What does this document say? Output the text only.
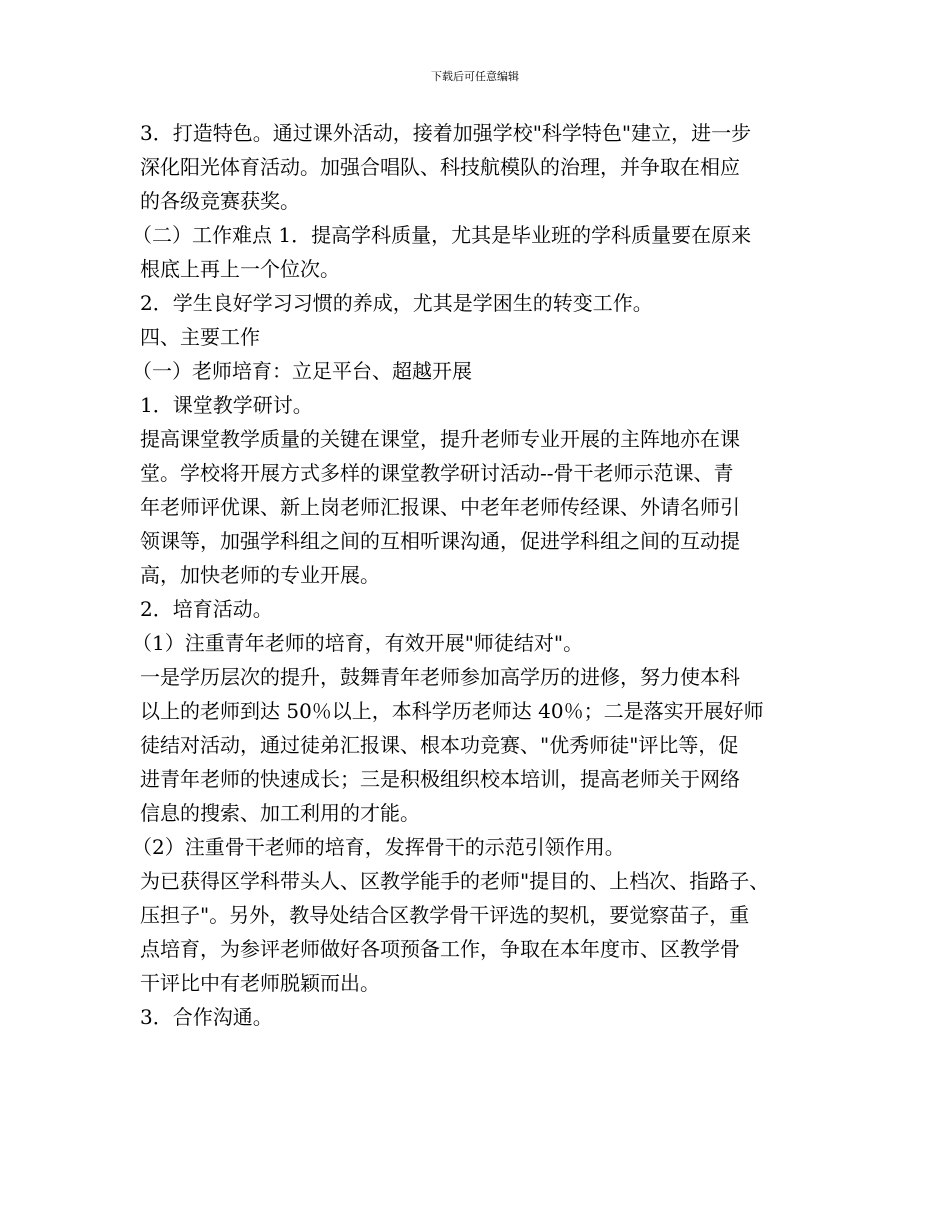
下载后可任意编辑
3．打造特色。通过课外活动，接着加强学校"科学特色"建立，进一步
深化阳光体育活动。加强合唱队、科技航模队的治理，并争取在相应
的各级竞赛获奖。
（二）工作难点 1．提高学科质量，尤其是毕业班的学科质量要在原来
根底上再上一个位次。
2．学生良好学习习惯的养成，尤其是学困生的转变工作。
四、主要工作
（一）老师培育：立足平台、超越开展
1．课堂教学研讨。
提高课堂教学质量的关键在课堂，提升老师专业开展的主阵地亦在课
堂。学校将开展方式多样的课堂教学研讨活动--骨干老师示范课、青
年老师评优课、新上岗老师汇报课、中老年老师传经课、外请名师引
领课等，加强学科组之间的互相听课沟通，促进学科组之间的互动提
高，加快老师的专业开展。
2．培育活动。
（1）注重青年老师的培育，有效开展"师徒结对"。
一是学历层次的提升，鼓舞青年老师参加高学历的进修，努力使本科
以上的老师到达 50％以上，本科学历老师达 40％；二是落实开展好师
徒结对活动，通过徒弟汇报课、根本功竞赛、"优秀师徒"评比等，促
进青年老师的快速成长；三是积极组织校本培训，提高老师关于网络
信息的搜索、加工利用的才能。
（2）注重骨干老师的培育，发挥骨干的示范引领作用。
为已获得区学科带头人、区教学能手的老师"提目的、上档次、指路子、
压担子"。另外，教导处结合区教学骨干评选的契机，要觉察苗子，重
点培育，为参评老师做好各项预备工作，争取在本年度市、区教学骨
干评比中有老师脱颖而出。
3．合作沟通。
